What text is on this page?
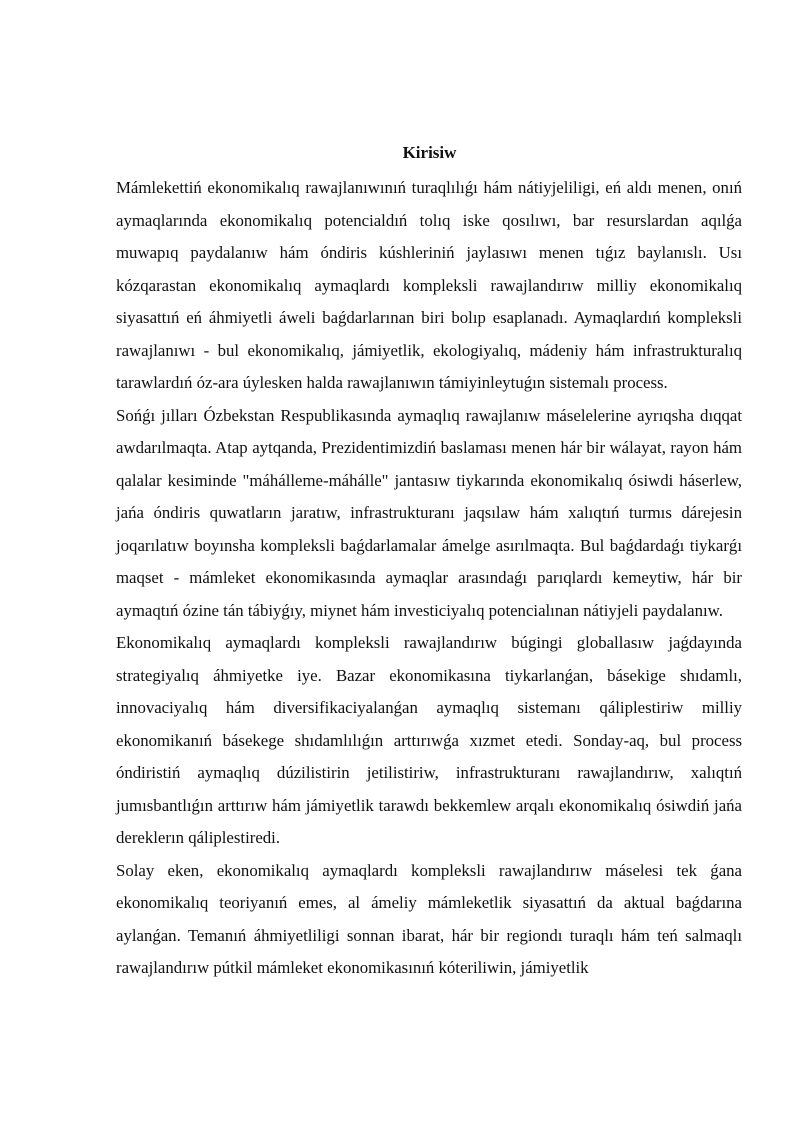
Kirisiw

Mámlekettiń ekonomikalıq rawajlanıwınıń turaqlılıǵı hám nátiyjeliligi, eń aldı menen, onıń aymaqlarında ekonomikalıq potencialdıń tolıq iske qosılıwı, bar resurslardan aqılǵa muwapıq paydalanıw hám óndiris kúshleriniń jaylasıwı menen tıǵız baylanıslı. Usı kózqarastan ekonomikalıq aymaqlardı kompleksli rawajlandırıw milliy ekonomikalıq siyasattıń eń áhmiyetli áweli baǵdarlarınan biri bolıp esaplanadı. Aymaqlardıń kompleksli rawajlanıwı - bul ekonomikalıq, jámiyetlik, ekologiyalıq, mádeniy hám infrastrukturalıq tarawlardıń óz-ara úylesken halda rawajlanıwın támiyinleytuǵın sistemalı process.

Sońǵı jılları Ózbekstan Respublikasında aymaqlıq rawajlanıw máselelerine ayrıqsha dıqqat awdarılmaqta. Atap aytqanda, Prezidentimizdiń baslaması menen hár bir wálayat, rayon hám qalalar kesiminde "máhálleme-máhálle" jantasıw tiykarında ekonomikalıq ósiwdi háserlew, jańa óndiris quwatların jaratıw, infrastrukturanı jaqsılaw hám xalıqtıń turmıs dárejesin joqarılatıw boyınsha kompleksli baǵdarlamalar ámelge asırılmaqta. Bul baǵdardaǵı tiykarǵı maqset - mámleket ekonomikasında aymaqlar arasındaǵı parıqlardı kemeytiw, hár bir aymaqtıń ózine tán tábiyǵıy, miynet hám investiciyalıq potencialınan nátiyjeli paydalanıw.

Ekonomikalıq aymaqlardı kompleksli rawajlandırıw búgingi globallasıw jaǵdayında strategiyalıq áhmiyetke iye. Bazar ekonomikasına tiykarlanǵan, básekige shıdamlı, innovaciyalıq hám diversifikaciyalanǵan aymaqlıq sistemanı qáliplestiriw milliy ekonomikanıń básekege shıdamlılıǵın arttırıwǵa xızmet etedi. Sonday-aq, bul process óndiristiń aymaqlıq dúzilistirin jetilistiriw, infrastrukturanı rawajlandırıw, xalıqtıń jumısbantlıǵın arttırıw hám jámiyetlik tarawdı bekkemlew arqalı ekonomikalıq ósiwdiń jańa dereklerın qáliplestiredi.

Solay eken, ekonomikalıq aymaqlardı kompleksli rawajlandırıw máselesi tek ǵana ekonomikalıq teoriyanıń emes, al ámeliy mámleketlik siyasattıń da aktual baǵdarına aylanǵan. Temanıń áhmiyetliligi sonnan ibarat, hár bir regiondı turaqlı hám teń salmaqlı rawajlandırıw pútkil mámleket ekonomikasınıń kóteriliwin, jámiyetlik
